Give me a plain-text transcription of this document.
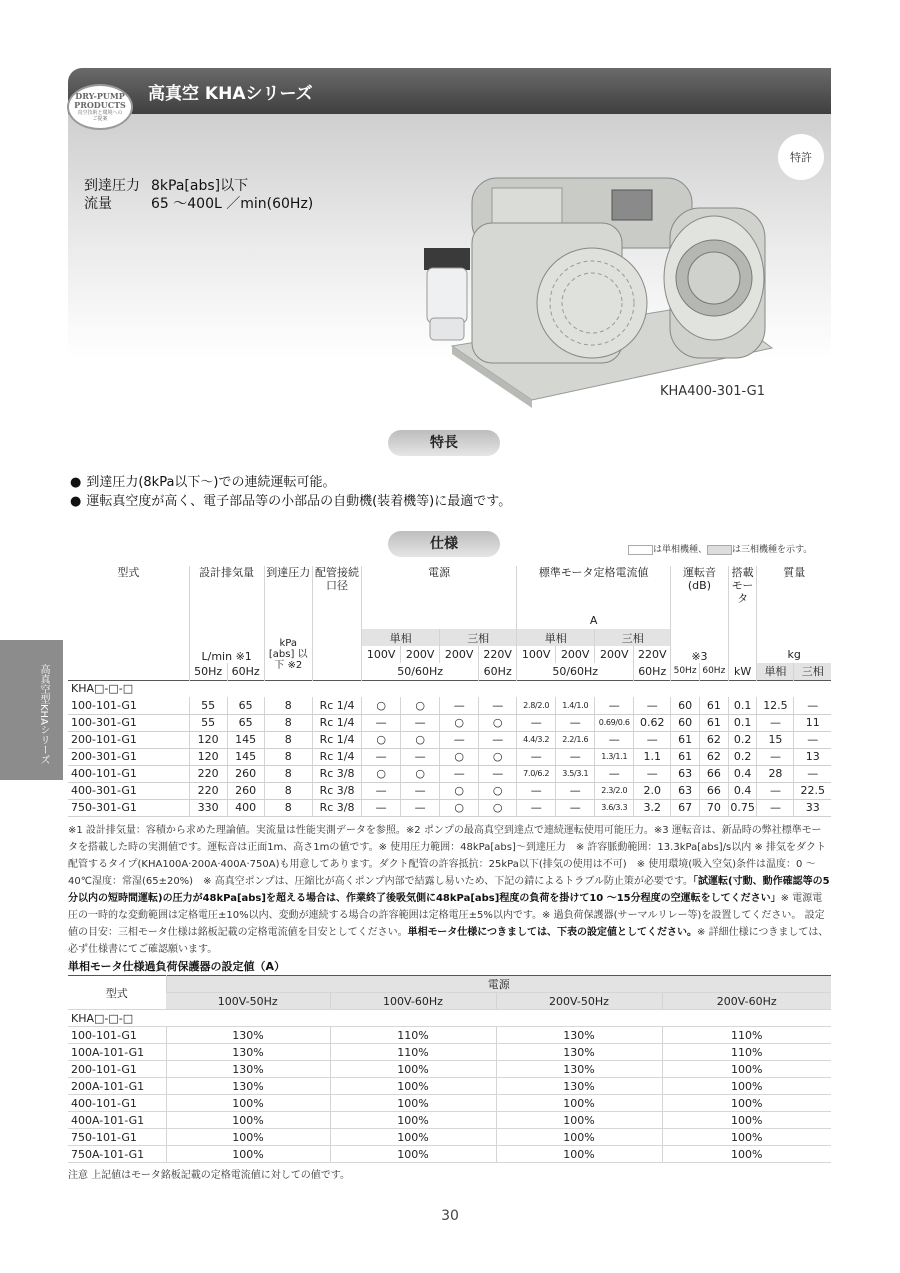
高真空 KHAシリーズ
DRY-PUMP
PRODUCTS
真空技術と環境への
ご提案
特許
到達圧力 8kPa[abs]以下
流量	65 ～400L ／min(60Hz)
KHA400-301-G1
特長
● 到達圧力(8kPa以下～)での連続運転可能。
● 運転真空度が高く、電子部品等の小部品の自動機(装着機等)に最適です。
仕様	は単相機種、	は三相機種を示す。
型式	設計排気量		到達圧力	配管接続口径	電源				標準モータ定格電流値				運転音
(dB)		搭載モータ	質量	
									A								
	L/min ※1		kPa [abs] 以下 ※2		単相		三相		単相		三相		※3				
					100V	200V	200V	220V	100V	200V	200V	220V				kg	
	50Hz	60Hz			50/60Hz			60Hz	50/60Hz			60Hz	50Hz	60Hz	kW	単相	三相
KHA□-□-□																	
100-101-G1	55	65	8	Rc 1/4	○	○	—	—	2.8/2.0	1.4/1.0	—	—	60	61	0.1	12.5	—
100-301-G1	55	65	8	Rc 1/4	—	—	○	○	—	—	0.69/0.6	0.62	60	61	0.1	—	11
200-101-G1	120	145	8	Rc 1/4	○	○	—	—	4.4/3.2	2.2/1.6	—	—	61	62	0.2	15	—
200-301-G1	120	145	8	Rc 1/4	—	—	○	○	—	—	1.3/1.1	1.1	61	62	0.2	—	13
400-101-G1	220	260	8	Rc 3/8	○	○	—	—	7.0/6.2	3.5/3.1	—	—	63	66	0.4	28	—
400-301-G1	220	260	8	Rc 3/8	—	—	○	○	—	—	2.3/2.0	2.0	63	66	0.4	—	22.5
750-301-G1	330	400	8	Rc 3/8	—	—	○	○	—	—	3.6/3.3	3.2	67	70	0.75	—	33
※1 設計排気量：容積から求めた理論値。実流量は性能実測データを参照。※2 ポンプの最高真空到達点で連続運転使用可能圧力。※3 運転音は、新品時の弊社標準モータを搭載した時の実測値です。運転音は正面1m、高さ1mの値です。※ 使用圧力範囲：48kPa[abs]～到達圧力　※ 許容脈動範囲：13.3kPa[abs]/s以内 ※ 排気をダクト配管するタイプ(KHA100A·200A·400A·750A)も用意してあります。ダクト配管の許容抵抗：25kPa以下(排気の使用は不可)　※ 使用環境(吸入空気)条件は温度：0 ～40℃湿度：常湿(65±20%)　※ 高真空ポンプは、圧縮比が高くポンプ内部で結露し易いため、下記の錆によるトラブル防止策が必要です。「試運転(寸動、動作確認等の5分以内の短時間運転)の圧力が48kPa[abs]を超える場合は、作業終了後吸気側に48kPa[abs]程度の負荷を掛けて10 ～15分程度の空運転をしてください」※ 電源電圧の一時的な変動範囲は定格電圧±10%以内、変動が連続する場合の許容範囲は定格電圧±5%以内です。※ 過負荷保護器(サーマルリレー等)を設置してください。 設定値の目安：三相モータ仕様は銘板記載の定格電流値を目安としてください。単相モータ仕様につきましては、下表の設定値としてください。※ 詳細仕様につきましては、必ず仕様書にてご確認願います。
単相モータ仕様過負荷保護器の設定値（A）
型式	電源			
	100V-50Hz	100V-60Hz	200V-50Hz	200V-60Hz
KHA□-□-□				
100-101-G1	130%	110%	130%	110%
100A-101-G1	130%	110%	130%	110%
200-101-G1	130%	100%	130%	100%
200A-101-G1	130%	100%	130%	100%
400-101-G1	100%	100%	100%	100%
400A-101-G1	100%	100%	100%	100%
750-101-G1	100%	100%	100%	100%
750A-101-G1	100%	100%	100%	100%
注意 上記値はモータ銘板記載の定格電流値に対しての値です。
30
高真空型KHAシリーズ
